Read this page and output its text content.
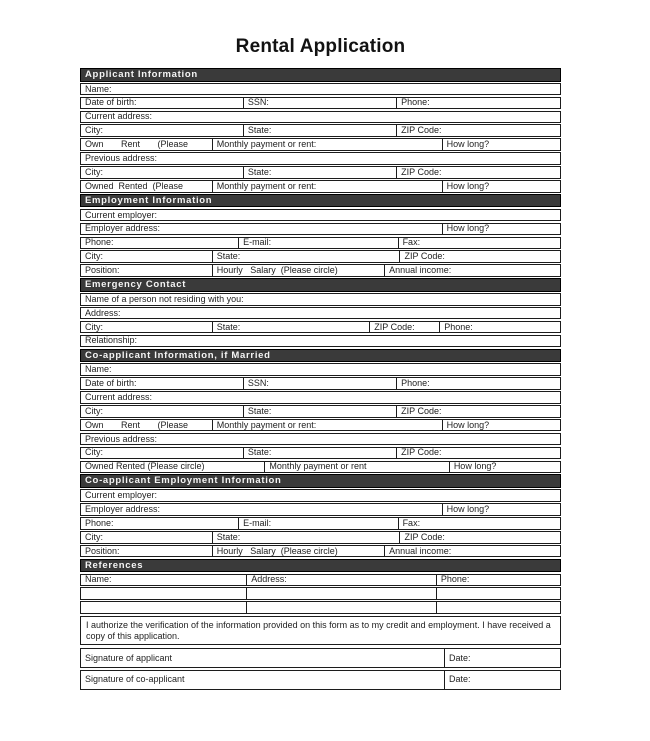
Rental Application
Applicant Information
Name:
Date of birth:	SSN:	Phone:
Current address:
City:	State:	ZIP Code:
Own       Rent       (Please	Monthly payment or rent:	How long?
Previous address:
City:	State:	ZIP Code:
Owned  Rented  (Please	Monthly payment or rent:	How long?
Employment Information
Current employer:
Employer address:	How long?
Phone:	E-mail:	Fax:
City:	State:	ZIP Code:
Position:	Hourly   Salary  (Please circle)	Annual income:
Emergency Contact
Name of a person not residing with you:
Address:
City:	State:	ZIP Code:	Phone:
Relationship:
Co-applicant Information, if Married
Name:
Date of birth:	SSN:	Phone:
Current address:
City:	State:	ZIP Code:
Own       Rent       (Please	Monthly payment or rent:	How long?
Previous address:
City:	State:	ZIP Code:
Owned Rented (Please circle)	Monthly payment or rent	How long?
Co-applicant Employment Information
Current employer:
Employer address:	How long?
Phone:	E-mail:	Fax:
City:	State:	ZIP Code:
Position:	Hourly   Salary  (Please circle)	Annual income:
References
Name:	Address:	Phone:
I authorize the verification of the information provided on this form as to my credit and employment. I have received a copy of this application.
Signature of applicant	Date:
Signature of co-applicant	Date:
